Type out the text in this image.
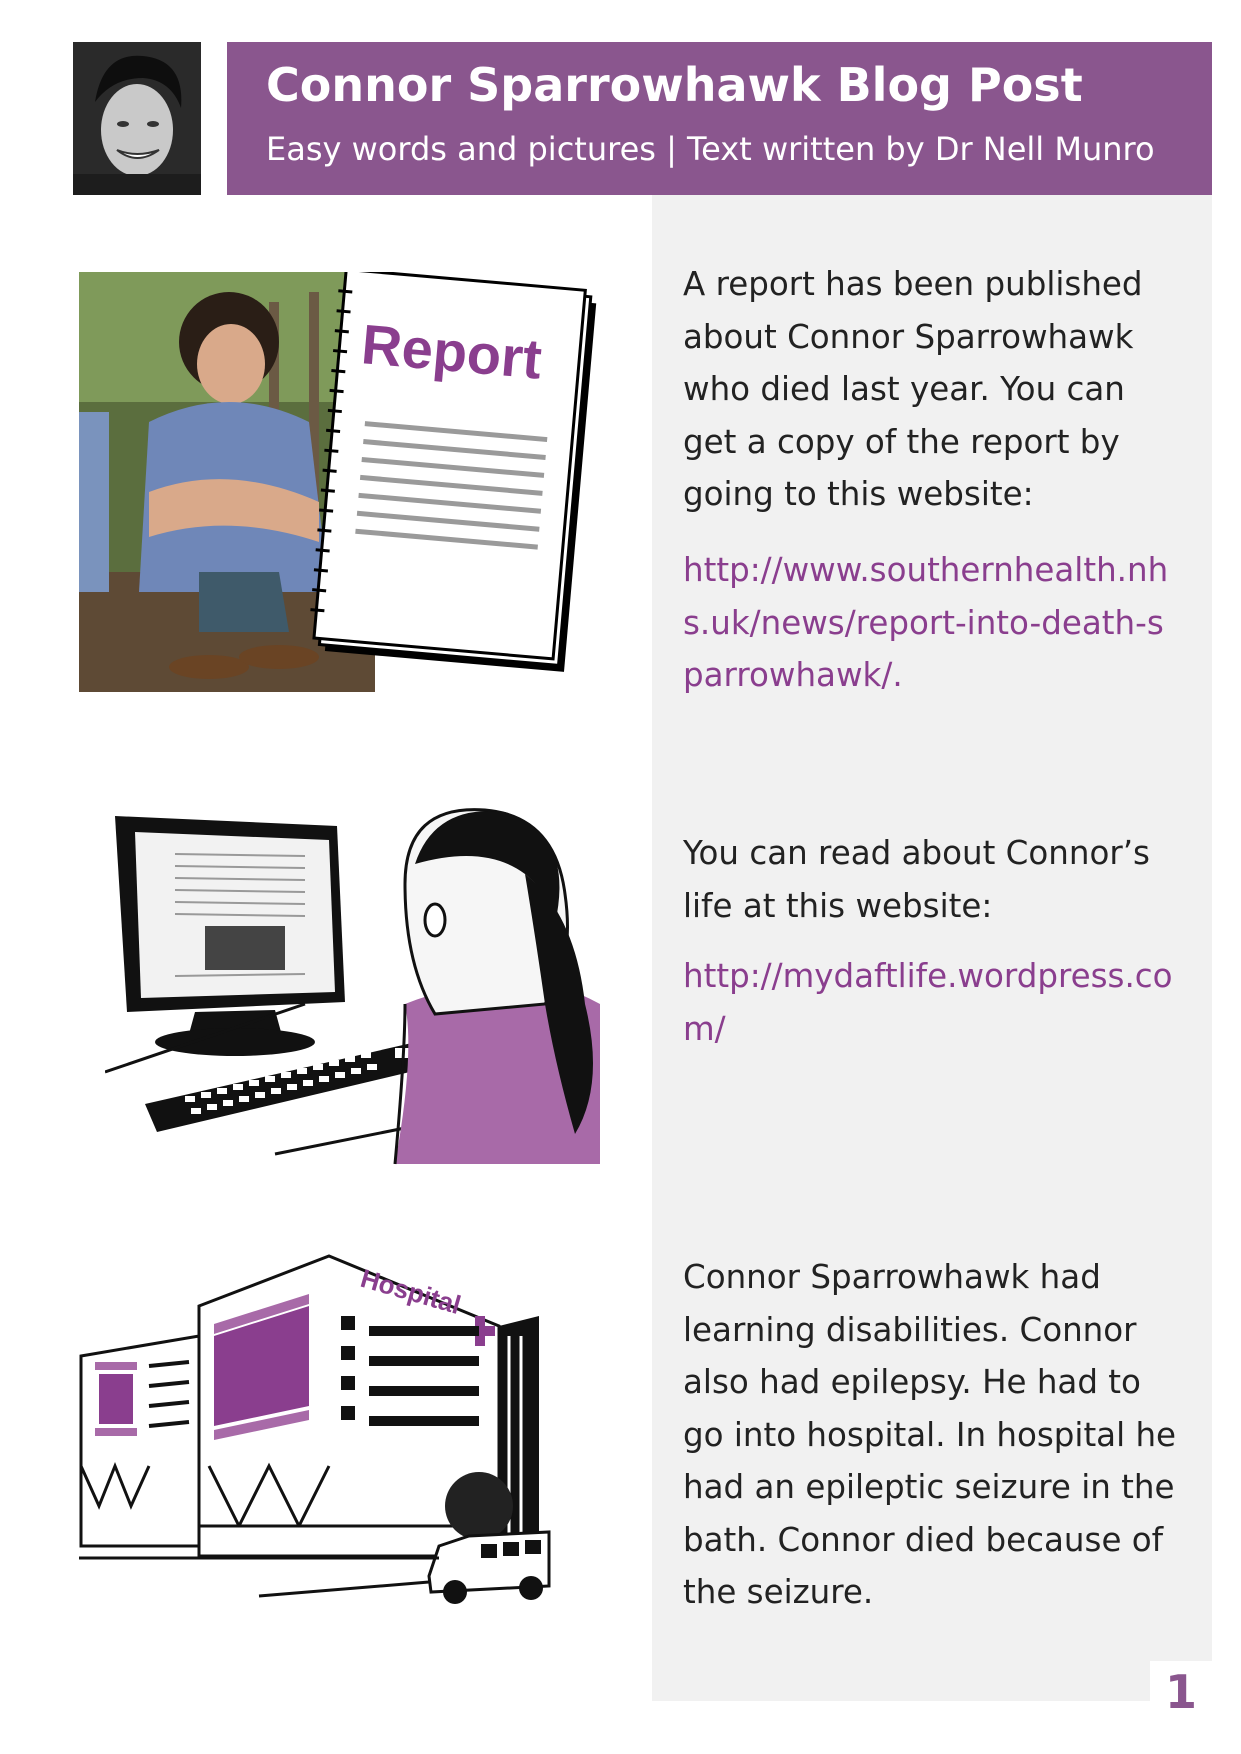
Connor Sparrowhawk Blog Post
Easy words and pictures | Text written by Dr Nell Munro
Report
A report has been published about Connor Sparrowhawk who died last year. You can get a copy of the report by going to this website:
http://www.southernhealth.nhs.uk/news/report-into-death-sparrowhawk/.
You can read about Connor’s life at this website:
http://mydaftlife.wordpress.com/
Hospital	Connor Sparrowhawk had learning disabilities. Connor also had epilepsy. He had to go into hospital. In hospital he had an epileptic seizure in the bath. Connor died because of the seizure.
1
